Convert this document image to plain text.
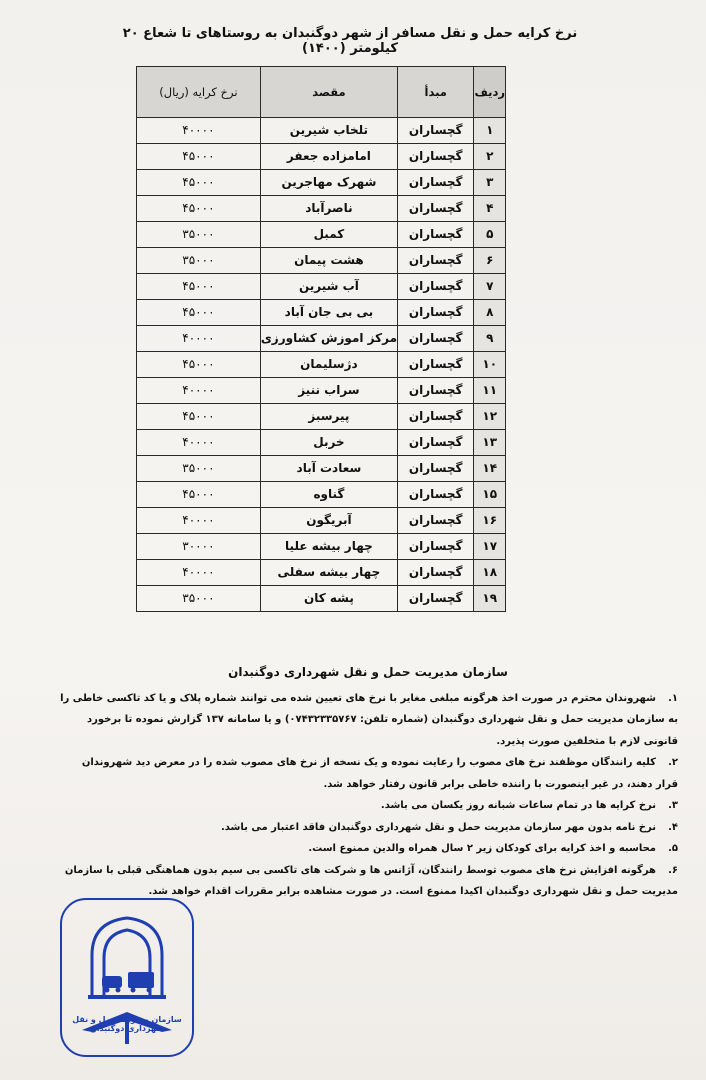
نرخ کرایه حمل و نقل مسافر از شهر دوگنبدان به روستاهای تا شعاع ۲۰ کیلومتر (۱۴۰۰)
ردیف	مبدأ	مقصد	نرخ کرایه (ریال)
۱	گچساران	تلخاب شیرین	۴۰۰۰۰
۲	گچساران	امامزاده جعفر	۴۵۰۰۰
۳	گچساران	شهرک مهاجرین	۴۵۰۰۰
۴	گچساران	ناصرآباد	۴۵۰۰۰
۵	گچساران	کمبل	۳۵۰۰۰
۶	گچساران	هشت پیمان	۳۵۰۰۰
۷	گچساران	آب شیرین	۴۵۰۰۰
۸	گچساران	بی بی جان آباد	۴۵۰۰۰
۹	گچساران	مرکز اموزش کشاورزی	۴۰۰۰۰
۱۰	گچساران	دژسلیمان	۴۵۰۰۰
۱۱	گچساران	سراب ننیز	۴۰۰۰۰
۱۲	گچساران	پیرسبز	۴۵۰۰۰
۱۳	گچساران	خربل	۴۰۰۰۰
۱۴	گچساران	سعادت آباد	۳۵۰۰۰
۱۵	گچساران	گناوه	۴۵۰۰۰
۱۶	گچساران	آبریگون	۴۰۰۰۰
۱۷	گچساران	چهار بیشه علیا	۳۰۰۰۰
۱۸	گچساران	چهار بیشه سفلی	۴۰۰۰۰
۱۹	گچساران	پشه کان	۳۵۰۰۰
سازمان مدیریت حمل و نقل شهرداری دوگنبدان
۱.شهروندان محترم در صورت اخذ هرگونه مبلغی مغایر با نرخ های تعیین شده می توانند شماره پلاک و یا کد تاکسی خاطی را به سازمان مدیریت حمل و نقل شهرداری دوگنبدان (شماره تلفن: ۰۷۴۳۲۳۳۵۷۶۷) و یا سامانه ۱۳۷ گزارش نموده تا برخورد قانونی لازم با متخلفین صورت پذیرد.
۲.کلیه رانندگان موظفند نرخ های مصوب را رعایت نموده و یک نسخه از نرخ های مصوب شده را در معرض دید شهروندان قرار دهند، در غیر اینصورت با راننده خاطی برابر قانون رفتار خواهد شد.
۳.نرخ کرایه ها در تمام ساعات شبانه روز یکسان می باشد.
۴.نرخ نامه بدون مهر سازمان مدیریت حمل و نقل شهرداری دوگنبدان فاقد اعتبار می باشد.
۵.محاسبه و اخذ کرایه برای کودکان زیر ۲ سال همراه والدین ممنوع است.
۶.هرگونه افزایش نرخ های مصوب توسط رانندگان، آژانس ها و شرکت های تاکسی بی سیم بدون هماهنگی قبلی با سازمان مدیریت حمل و نقل شهرداری دوگنبدان اکیدا ممنوع است. در صورت مشاهده برابر مقررات اقدام خواهد شد.
سازمان مدیریت حمل و نقل شهرداری دوگنبدان
